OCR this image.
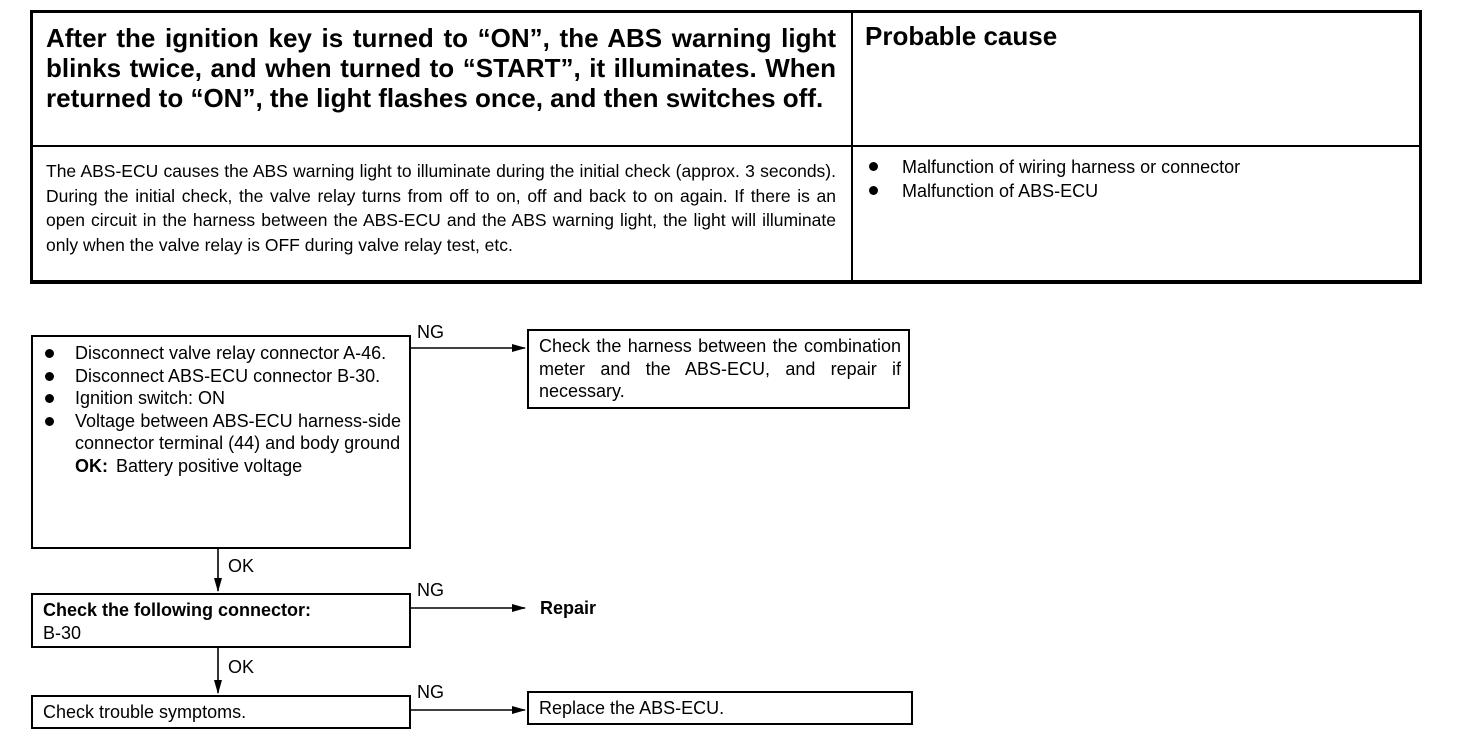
After the ignition key is turned to “ON”, the ABS warning light blinks twice, and when turned to “START”, it illuminates. When returned to “ON”, the light flashes once, and then switches off.
Probable cause
The ABS-ECU causes the ABS warning light to illuminate during the initial check (approx. 3 seconds). During the initial check, the valve relay turns from off to on, off and back to on again. If there is an open circuit in the harness between the ABS-ECU and the ABS warning light, the light will illuminate only when the valve relay is OFF during valve relay test, etc.
Malfunction of wiring harness or connector
Malfunction of ABS-ECU
Disconnect valve relay connector A-46.
Disconnect ABS-ECU connector B-30.
Ignition switch: ON
Voltage between ABS-ECU harness-side connector terminal (44) and body ground
OK: Battery positive voltage
Check the harness between the combination meter and the ABS-ECU, and repair if necessary.
Check the following connector:
B-30
Check trouble symptoms.	Replace the ABS-ECU.
Repair
NG
OK
NG
OK
NG
